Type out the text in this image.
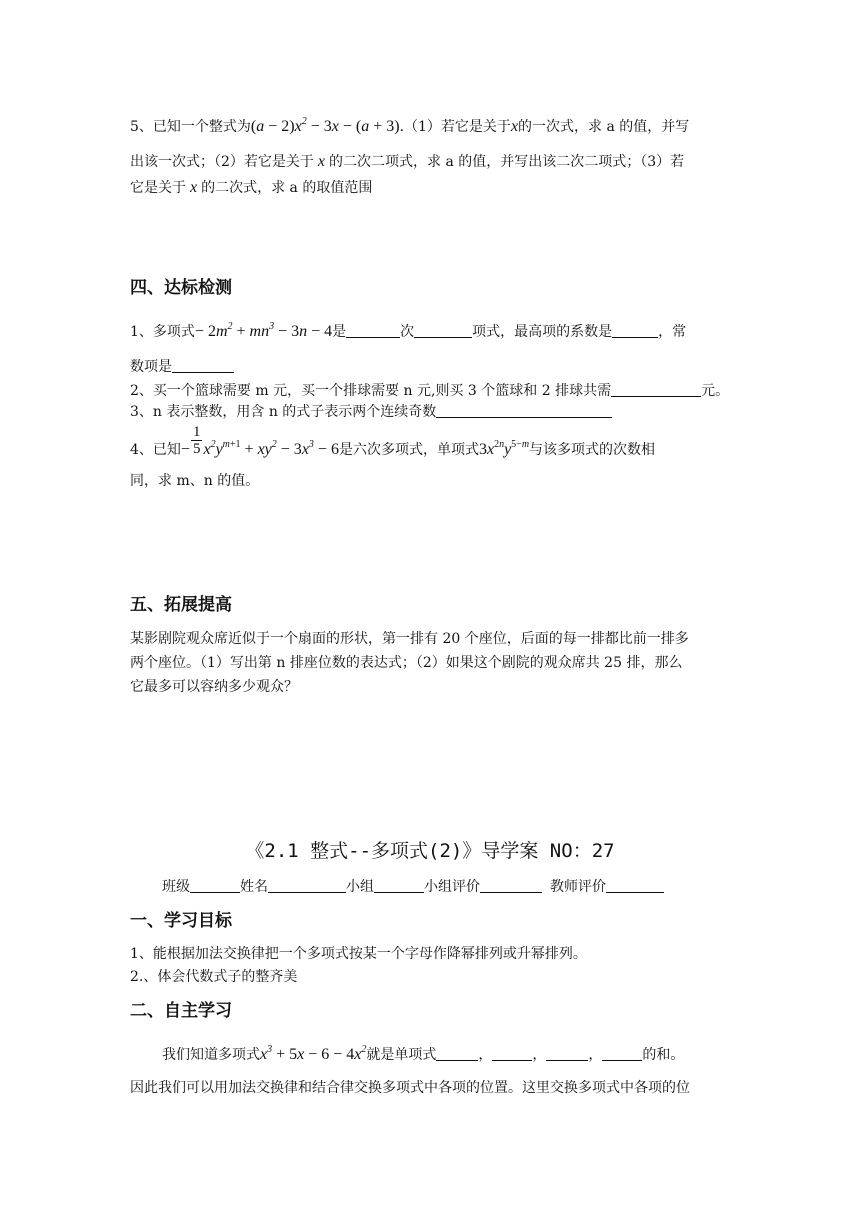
5、已知一个整式为$(a - 2)x^2 - 3x - (a + 3).(1)$若它是关于x的一次式，求 a 的值，并写
出该一次式；（2）若它是关于 x 的二次二项式，求 a 的值，并写出该二次二项式；（3）若
它是关于 x 的二次式，求 a 的取值范围
四、达标检测
1、多项式− $2m^2 + mn^3 - 3n - 4$是	次	项式，最高项的系数是	，常
数项是
2、买一个篮球需要 m 元，买一个排球需要 n 元,则买 3 个篮球和 2 排球共需	元。
3、n 表示整数，用含 n 的式子表示两个连续奇数
4、已知− $\frac{1}{5} x^2y^{m+1} + xy^2 - 3x^3 - 6$是六次多项式，单项式$3x^{2n}y^{5-m}$与该多项式的次数相
同，求 m、n 的值。
五、拓展提高
某影剧院观众席近似于一个扇面的形状，第一排有 20 个座位，后面的每一排都比前一排多
两个座位。（1）写出第 n 排座位数的表达式；（2）如果这个剧院的观众席共 25 排，那么
它最多可以容纳多少观众？
《2.1 整式--多项式(2)》导学案 NO：27
班级	姓名	小组	小组评价	教师评价
一、学习目标
1、能根据加法交换律把一个多项式按某一个字母作降幂排列或升幂排列。
2.、体会代数式子的整齐美
二、自主学习
我们知道多项式$x^3 + 5x - 6 - 4x^2$就是单项式	，	，	，	的和。
因此我们可以用加法交换律和结合律交换多项式中各项的位置。这里交换多项式中各项的位
